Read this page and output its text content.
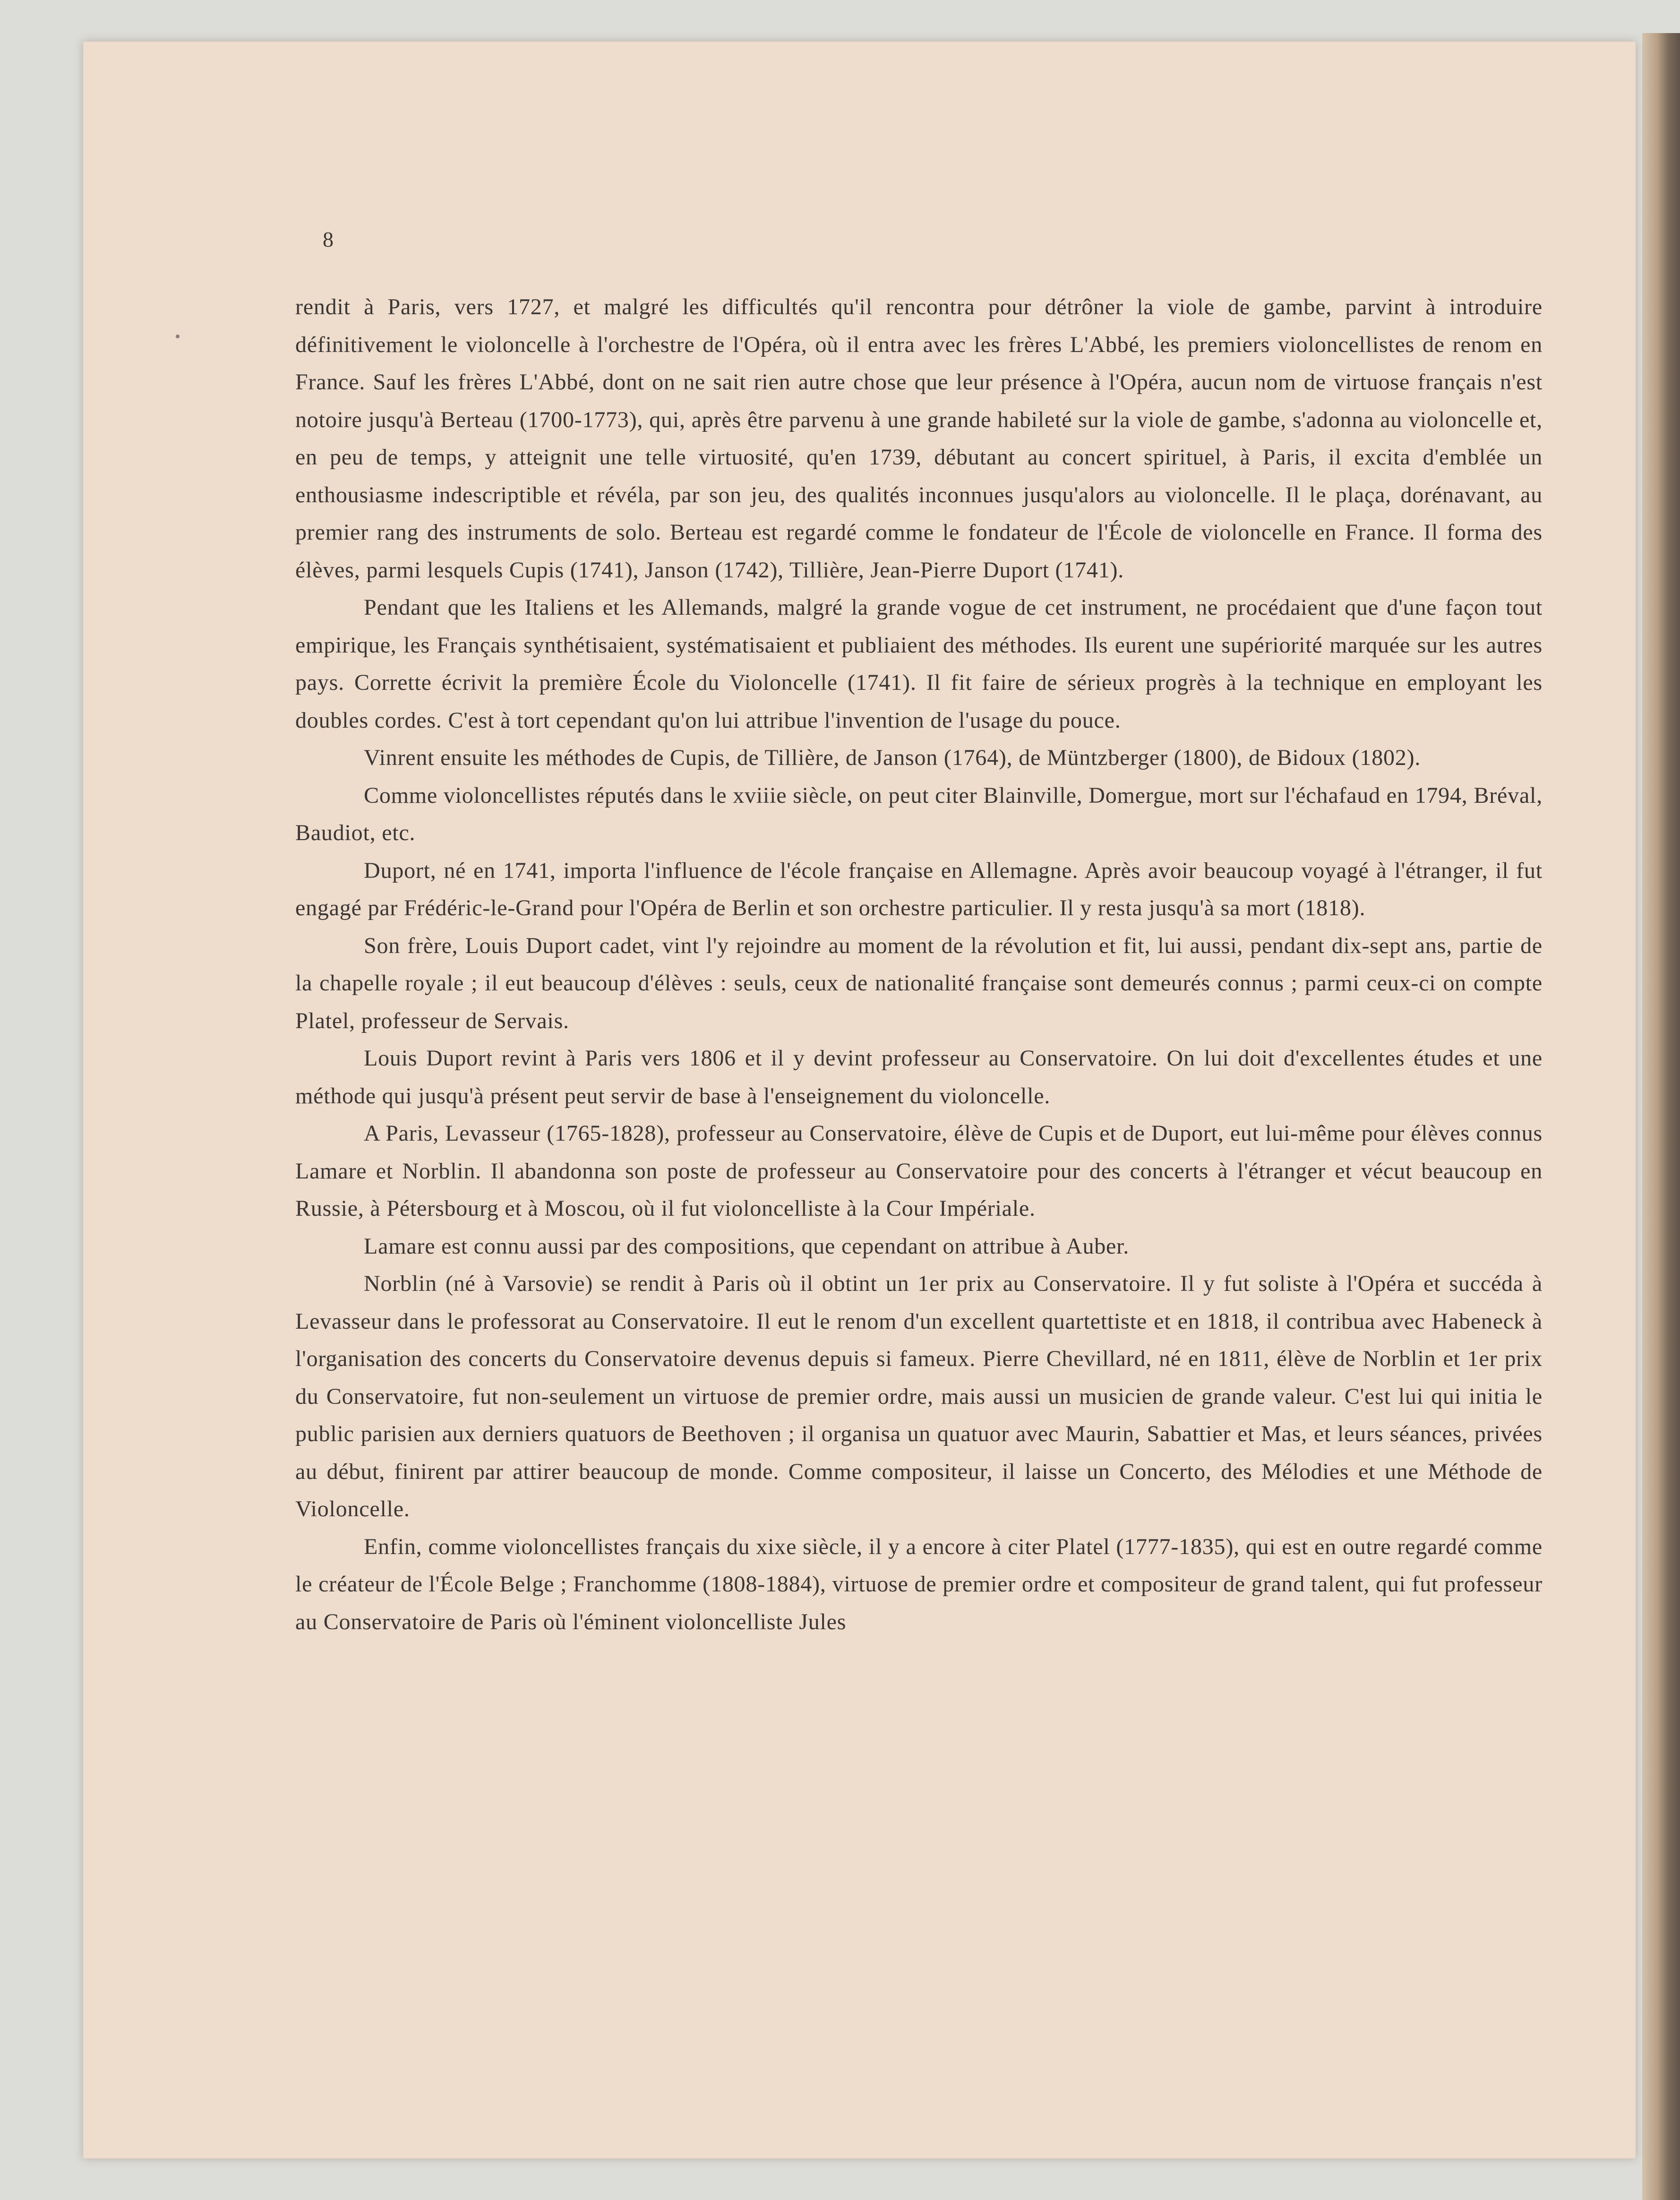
8

rendit à Paris, vers 1727, et malgré les difficultés qu'il rencontra pour détrôner la viole de gambe, parvint à introduire définitivement le violoncelle à l'orchestre de l'Opéra, où il entra avec les frères L'Abbé, les premiers violoncellistes de renom en France. Sauf les frères L'Abbé, dont on ne sait rien autre chose que leur présence à l'Opéra, aucun nom de virtuose français n'est notoire jusqu'à Berteau (1700-1773), qui, après être parvenu à une grande habileté sur la viole de gambe, s'adonna au violoncelle et, en peu de temps, y atteignit une telle virtuosité, qu'en 1739, débutant au concert spirituel, à Paris, il excita d'emblée un enthousiasme indescriptible et révéla, par son jeu, des qualités inconnues jusqu'alors au violoncelle. Il le plaça, dorénavant, au premier rang des instruments de solo. Berteau est regardé comme le fondateur de l'École de violoncelle en France. Il forma des élèves, parmi lesquels Cupis (1741), Janson (1742), Tillière, Jean-Pierre Duport (1741).

Pendant que les Italiens et les Allemands, malgré la grande vogue de cet instrument, ne procédaient que d'une façon tout empirique, les Français synthétisaient, systématisaient et publiaient des méthodes. Ils eurent une supériorité marquée sur les autres pays. Corrette écrivit la première École du Violoncelle (1741). Il fit faire de sérieux progrès à la technique en employant les doubles cordes. C'est à tort cependant qu'on lui attribue l'invention de l'usage du pouce.

Vinrent ensuite les méthodes de Cupis, de Tillière, de Janson (1764), de Müntzberger (1800), de Bidoux (1802).

Comme violoncellistes réputés dans le xviiie siècle, on peut citer Blainville, Domergue, mort sur l'échafaud en 1794, Bréval, Baudiot, etc.

Duport, né en 1741, importa l'influence de l'école française en Allemagne. Après avoir beaucoup voyagé à l'étranger, il fut engagé par Frédéric-le-Grand pour l'Opéra de Berlin et son orchestre particulier. Il y resta jusqu'à sa mort (1818).

Son frère, Louis Duport cadet, vint l'y rejoindre au moment de la révolution et fit, lui aussi, pendant dix-sept ans, partie de la chapelle royale ; il eut beaucoup d'élèves : seuls, ceux de nationalité française sont demeurés connus ; parmi ceux-ci on compte Platel, professeur de Servais.

Louis Duport revint à Paris vers 1806 et il y devint professeur au Conservatoire. On lui doit d'excellentes études et une méthode qui jusqu'à présent peut servir de base à l'enseignement du violoncelle.

A Paris, Levasseur (1765-1828), professeur au Conservatoire, élève de Cupis et de Duport, eut lui-même pour élèves connus Lamare et Norblin. Il abandonna son poste de professeur au Conservatoire pour des concerts à l'étranger et vécut beaucoup en Russie, à Pétersbourg et à Moscou, où il fut violoncelliste à la Cour Impériale.

Lamare est connu aussi par des compositions, que cependant on attribue à Auber.

Norblin (né à Varsovie) se rendit à Paris où il obtint un 1er prix au Conservatoire. Il y fut soliste à l'Opéra et succéda à Levasseur dans le professorat au Conservatoire. Il eut le renom d'un excellent quartettiste et en 1818, il contribua avec Habeneck à l'organisation des concerts du Conservatoire devenus depuis si fameux. Pierre Chevillard, né en 1811, élève de Norblin et 1er prix du Conservatoire, fut non-seulement un virtuose de premier ordre, mais aussi un musicien de grande valeur. C'est lui qui initia le public parisien aux derniers quatuors de Beethoven ; il organisa un quatuor avec Maurin, Sabattier et Mas, et leurs séances, privées au début, finirent par attirer beaucoup de monde. Comme compositeur, il laisse un Concerto, des Mélodies et une Méthode de Violoncelle.

Enfin, comme violoncellistes français du xixe siècle, il y a encore à citer Platel (1777-1835), qui est en outre regardé comme le créateur de l'École Belge ; Franchomme (1808-1884), virtuose de premier ordre et compositeur de grand talent, qui fut professeur au Conservatoire de Paris où l'éminent violoncelliste Jules
